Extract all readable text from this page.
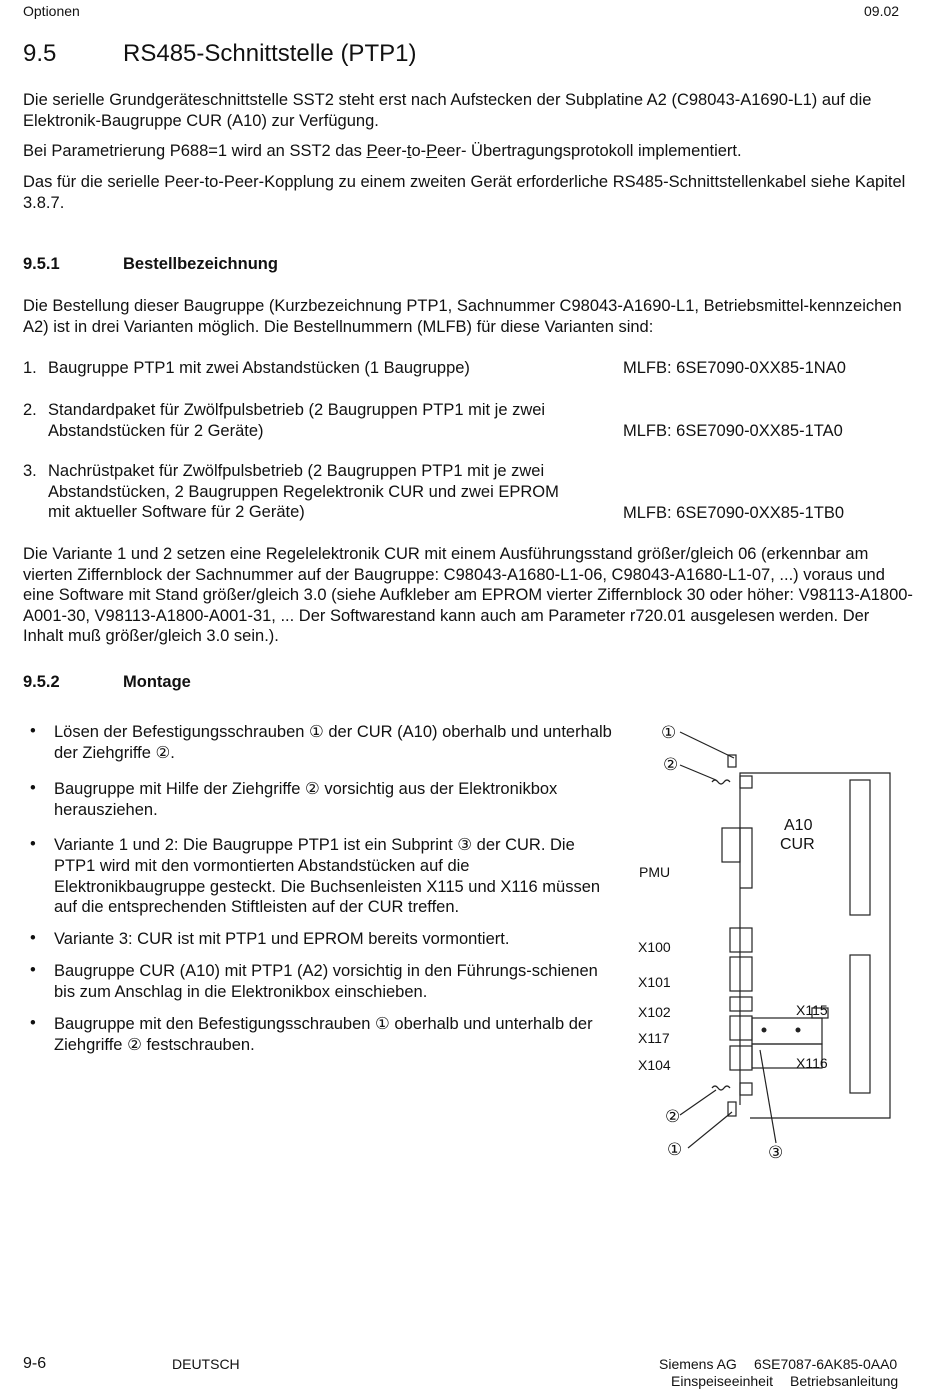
Optionen	09.02
9.5	RS485-Schnittstelle (PTP1)
Die serielle Grundgeräteschnittstelle SST2 steht erst nach Aufstecken der Subplatine A2 (C98043-A1690-L1) auf die Elektronik-Baugruppe CUR (A10) zur Verfügung.
Bei Parametrierung P688=1 wird an SST2 das Peer-to-Peer- Übertragungsprotokoll implementiert.
Das für die serielle Peer-to-Peer-Kopplung zu einem zweiten Gerät erforderliche RS485-Schnittstellenkabel siehe Kapitel 3.8.7.
9.5.1	Bestellbezeichnung
Die Bestellung dieser Baugruppe (Kurzbezeichnung PTP1, Sachnummer C98043-A1690-L1, Betriebsmittel-kennzeichen A2) ist in drei Varianten möglich. Die Bestellnummern (MLFB) für diese Varianten sind:
1. Baugruppe PTP1 mit zwei Abstandstücken (1 Baugruppe)	MLFB: 6SE7090-0XX85-1NA0
2. Standardpaket für Zwölfpulsbetrieb (2 Baugruppen PTP1 mit je zwei
Abstandstücken für 2 Geräte)	MLFB: 6SE7090-0XX85-1TA0
3. Nachrüstpaket für Zwölfpulsbetrieb (2 Baugruppen PTP1 mit je zwei
Abstandstücken, 2 Baugruppen Regelektronik CUR und zwei EPROM
mit aktueller Software für 2 Geräte)	MLFB: 6SE7090-0XX85-1TB0
Die Variante 1 und 2 setzen eine Regelelektronik CUR mit einem Ausführungsstand größer/gleich 06 (erkennbar am vierten Ziffernblock der Sachnummer auf der Baugruppe: C98043-A1680-L1-06, C98043-A1680-L1-07, ...) voraus und eine Software mit Stand größer/gleich 3.0 (siehe Aufkleber am EPROM vierter Ziffernblock 30 oder höher: V98113-A1800-A001-30, V98113-A1800-A001-31, ... Der Softwarestand kann auch am Parameter r720.01 ausgelesen werden. Der Inhalt muß größer/gleich 3.0 sein.).
9.5.2	Montage
• Lösen der Befestigungsschrauben ① der CUR (A10) oberhalb und unterhalb der Ziehgriffe ②.
• Baugruppe mit Hilfe der Ziehgriffe ② vorsichtig aus der Elektronikbox herausziehen.
• Variante 1 und 2: Die Baugruppe PTP1 ist ein Subprint ③ der CUR. Die PTP1 wird mit den vormontierten Abstandstücken auf die Elektronikbaugruppe gesteckt. Die Buchsenleisten X115 und X116 müssen auf die entsprechenden Stiftleisten auf der CUR treffen.
• Variante 3: CUR ist mit PTP1 und EPROM bereits vormontiert.
• Baugruppe CUR (A10) mit PTP1 (A2) vorsichtig in den Führungs-schienen bis zum Anschlag in die Elektronikbox einschieben.
• Baugruppe mit den Befestigungsschrauben ① oberhalb und unterhalb der Ziehgriffe ② festschrauben.
①
②
②
①	③
A10
CUR
PMU
X100
X101
X102
X117
X104
X115
X116
9-6	DEUTSCH	Siemens AG 6SE7087-6AK85-0AA0
Einspeiseeinheit Betriebsanleitung
